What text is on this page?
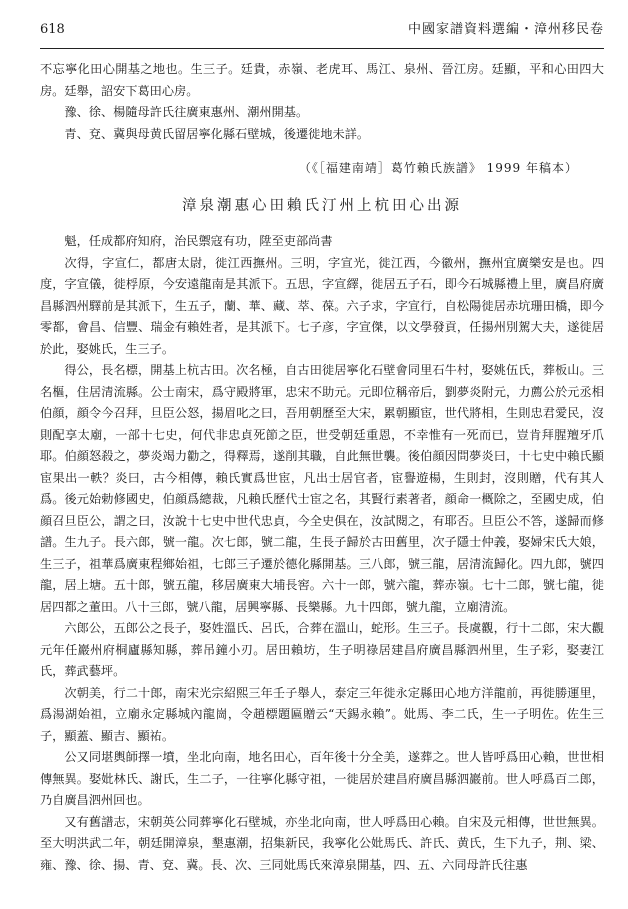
618	中國家譜資料選編・漳州移民卷

不忘寧化田心開基之地也。生三子。廷貴，赤嶺、老虎耳、馬江、泉州、晉江房。廷顯，平和心田四大房。廷舉，詔安下葛田心房。

豫、徐、楊隨母許氏往廣東惠州、潮州開基。

青、兗、冀與母黄氏留居寧化縣石壁城，後遷徙地未詳。

（《［福建南靖］葛竹賴氏族譜》 1999 年稿本）
漳泉潮惠心田賴氏汀州上杭田心出源

魁，任成都府知府，治民禦寇有功，陞至吏部尚書

次得，字宣仁，都唐太尉，徙江西撫州。三明，字宣光，徙江西，今徽州，撫州宜廣樂安是也。四度，字宣儀，徙桴原，今安遠龍南是其派下。五思，字宣繹，徙居五子石，即今石城縣禮上里，廣昌府廣昌縣泗州驛前是其派下，生五子，蘭、華、藏、萃、葆。六子求，字宣行，自松陽徙居赤坑珊田橋，即今零都，會昌、信豐、瑞金有賴姓者，是其派下。七子彦，字宣傑，以文學發貢，任揚州別駕大夫，遂徙居於此，娶姚氏，生三子。

得公，長名標，開基上杭古田。次名極，自古田徙居寧化石壁會同里石牛村，娶姚伍氏，葬板山。三名樞，住居清流縣。公士南宋，爲守殿將軍，忠宋不助元。元即位稱帝后，劉夢炎附元，力薦公於元丞相伯顔，顔令今召拜，旦臣公怒，揚眉叱之曰，吾用朝歷至大宋，累朝顯宦，世代將相，生則忠君愛民，沒則配享太廟，一部十七史，何代非忠貞死節之臣，世受朝廷重恩，不幸惟有一死而已，豈肯拜腥羶牙爪耶。伯顔怒殺之，夢炎竭力勸之，得釋焉，遂削其職，自此無世襲。後伯顔因問夢炎曰，十七史中賴氏顯宦果出一軼？炎曰，古今相傳，賴氏實爲世宦，凡出士居官者，宦譽遊楊，生則封，沒則贈，代有其人爲。後元始勅修國史，伯顔爲總裁，凡賴氏歷代士宦之名，其賢行素著者，顔命一概除之，至國史成，伯顔召旦臣公，謂之曰，汝說十七史中世代忠貞，今全史俱在，汝試閱之，有耶否。旦臣公不答，遂歸而修譜。生九子。長六郎，號一龍。次七郎，號二龍，生長子歸於古田舊里，次子隱士仲義，娶婦宋氏大娘，生三子，祖華爲廣東程鄉始祖，七郎三子遷於德化縣開基。三八郎，號三龍，居清流歸化。四九郎，號四龍，居上塘。五十郎，號五龍，移居廣東大埔長窖。六十一郎，號六龍，葬赤嶺。七十二郎，號七龍，徙居四都之董田。八十三郎，號八龍，居興寧縣、長樂縣。九十四郎，號九龍，立廟清流。

六郎公，五郎公之長子，娶姓溫氏、呂氏，合葬在溫山，蛇形。生三子。長虞觀，行十二郎，宋大觀元年任巖州府桐廬縣知縣，葬吊鐘小刃。居田賴坊，生子明祿居建昌府廣昌縣泗州里，生子彩，娶妻江氏，葬武藝坪。

次朝美，行二十郎，南宋光宗紹熙三年壬子舉人，泰定三年徙永定縣田心地方洋龍前，再徙勝運里，爲湯湖始祖，立廟永定縣城內龍崗，令趙標題匾贈云“天錫永賴”。妣馬、李二氏，生一子明佐。佐生三子，顯蓋、顯吉、顯祐。

公又同堪輿師擇一墳，坐北向南，地名田心，百年後十分全美，遂葬之。世人皆呼爲田心賴，世世相傳無異。娶妣林氏、謝氏，生二子，一往寧化縣守祖，一徙居於建昌府廣昌縣泗巖前。世人呼爲百二郎，乃自廣昌泗州回也。

又有舊譜志，宋朝英公同葬寧化石壁城，亦坐北向南，世人呼爲田心賴。自宋及元相傳，世世無異。至大明洪武二年，朝廷開漳泉，墾惠潮，招集新民，我寧化公妣馬氏、許氏、黄氏，生下九子，荆、梁、雍、豫、徐、揚、青、兗、冀。長、次、三同妣馬氏來漳泉開基，四、五、六同母許氏往惠
